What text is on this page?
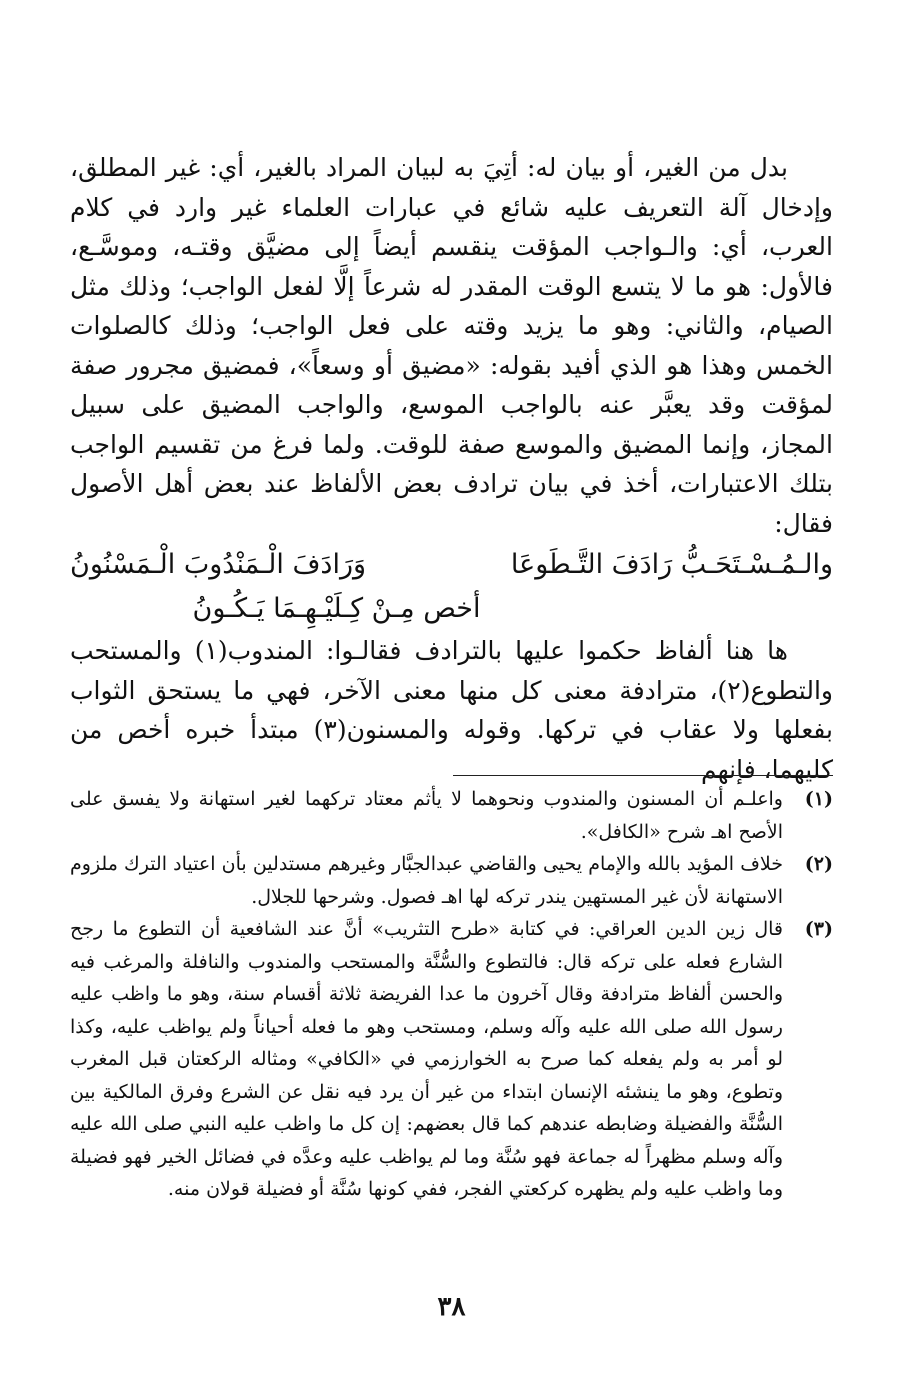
بدل من الغير، أو بيان له: أتِيَ به لبيان المراد بالغير، أي: غير المطلق، وإدخال آلة التعريف عليه شائع في عبارات العلماء غير وارد في كلام العرب، أي: والـواجب المؤقت ينقسم أيضاً إلى مضيَّق وقتـه، وموسَّـع، فالأول: هو ما لا يتسع الوقت المقدر له شرعاً إلَّا لفعل الواجب؛ وذلك مثل الصيام، والثاني: وهو ما يزيد وقته على فعل الواجب؛ وذلك كالصلوات الخمس وهذا هو الذي أفيد بقوله: «مضيق أو وسعاً»، فمضيق مجرور صفة لمؤقت وقد يعبَّر عنه بالواجب الموسع، والواجب المضيق على سبيل المجاز، وإنما المضيق والموسع صفة للوقت. ولما فرغ من تقسيم الواجب بتلك الاعتبارات، أخذ في بيان ترادف بعض الألفاظ عند بعض أهل الأصول فقال:

والـمُـسْـتَحَـبُّ رَادَفَ التَّـطَوعَا
وَرَادَفَ الْـمَنْدُوبَ الْـمَسْنُونُ
أخص مِـنْ كِـلَيْـهِـمَا يَـكُـونُ

ها هنا ألفاظ حكموا عليها بالترادف فقالـوا: المندوب(١) والمستحب والتطوع(٢)، مترادفة معنى كل منها معنى الآخر، فهي ما يستحق الثواب بفعلها ولا عقاب في تركها. وقوله والمسنون(٣) مبتدأ خبره أخص من كليهما، فإنهم

(١)
واعلـم أن المسنون والمندوب ونحوهما لا يأثم معتاد تركهما لغير استهانة ولا يفسق على الأصح اهـ شرح «الكافل».
(٢)
خلاف المؤيد بالله والإمام يحيى والقاضي عبدالجبَّار وغيرهم مستدلين بأن اعتياد الترك ملزوم الاستهانة لأن غير المستهين يندر تركه لها اهـ فصول. وشرحها للجلال.
(٣)
قال زين الدين العراقي: في كتابة «طرح التثريب» أنَّ عند الشافعية أن التطوع ما رجح الشارع فعله على تركه قال: فالتطوع والسُّنَّة والمستحب والمندوب والنافلة والمرغب فيه والحسن ألفاظ مترادفة وقال آخرون ما عدا الفريضة ثلاثة أقسام سنة، وهو ما واظب عليه رسول الله صلى الله عليه وآله وسلم، ومستحب وهو ما فعله أحياناً ولم يواظب عليه، وكذا لو أمر به ولم يفعله كما صرح به الخوارزمي في «الكافي» ومثاله الركعتان قبل المغرب وتطوع، وهو ما ينشئه الإنسان ابتداء من غير أن يرد فيه نقل عن الشرع وفرق المالكية بين السُّنَّة والفضيلة وضابطه عندهم كما قال بعضهم: إن كل ما واظب عليه النبي صلى الله عليه وآله وسلم مظهراً له جماعة فهو سُنَّة وما لم يواظب عليه وعدَّه في فضائل الخير فهو فضيلة وما واظب عليه ولم يظهره كركعتي الفجر، ففي كونها سُنَّة أو فضيلة قولان منه.
٣٨
